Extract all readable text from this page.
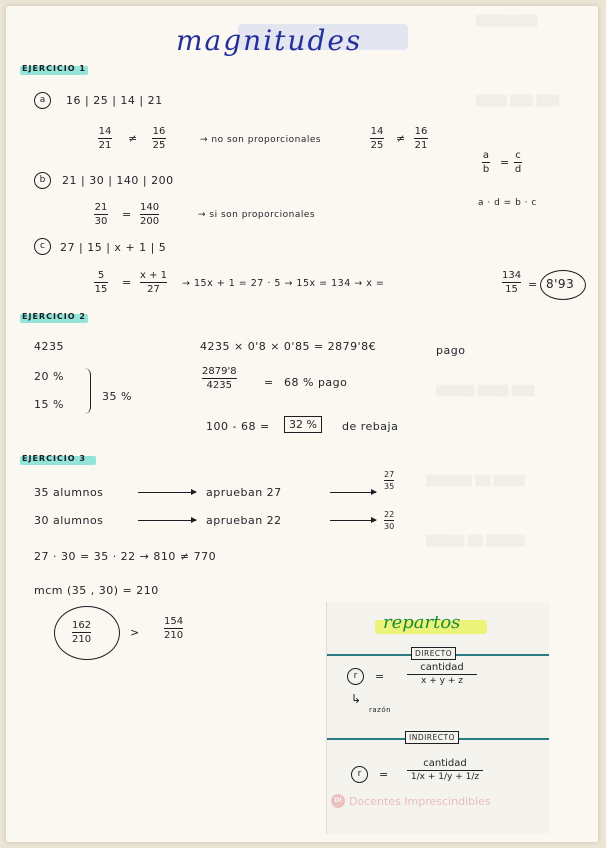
▒▒▒▒▒▒▒▒
▒▒▒▒ ▒▒▒ ▒▒▒
▒▒▒▒▒ ▒▒▒▒ ▒▒▒
▒▒▒▒▒▒ ▒▒ ▒▒▒▒
▒▒▒▒▒ ▒▒ ▒▒▒▒▒
magnitudes
EJERCICIO 1
a	16 | 25 | 14 | 21
14
21
≠
16
25	→ no son proporcionales
14
25
≠
16
21
a
b
=
c
d
a · d = b · c
b	21 | 30 | 140 | 200
21
30
=
140
200
→ si son proporcionales
c	27 | 15 | x + 1 | 5
5
15
=
x + 1
27
→ 15x + 1 = 27 · 5 → 15x = 134 → x =
134
15 = 8'93
EJERCICIO 2
4235	4235 × 0'8 × 0'85 = 2879'8€	pago
20 %
15 %
35 %
2879'8
4235	= 68 % pago
100 - 68 =	32 %	de rebaja
EJERCICIO 3
35 alumnos	aprueban 27
27
35
30 alumnos	aprueban 22	22
30
27 · 30 = 35 · 22 → 810 ≠ 770
mcm (35 , 30) = 210
162
210
>
154
210
repartos
DIRECTO
r	=
cantidad
x + y + z
↳
razón
INDIRECTO
r	=
cantidad
1/x + 1/y + 1/z
DI Docentes Imprescindibles
